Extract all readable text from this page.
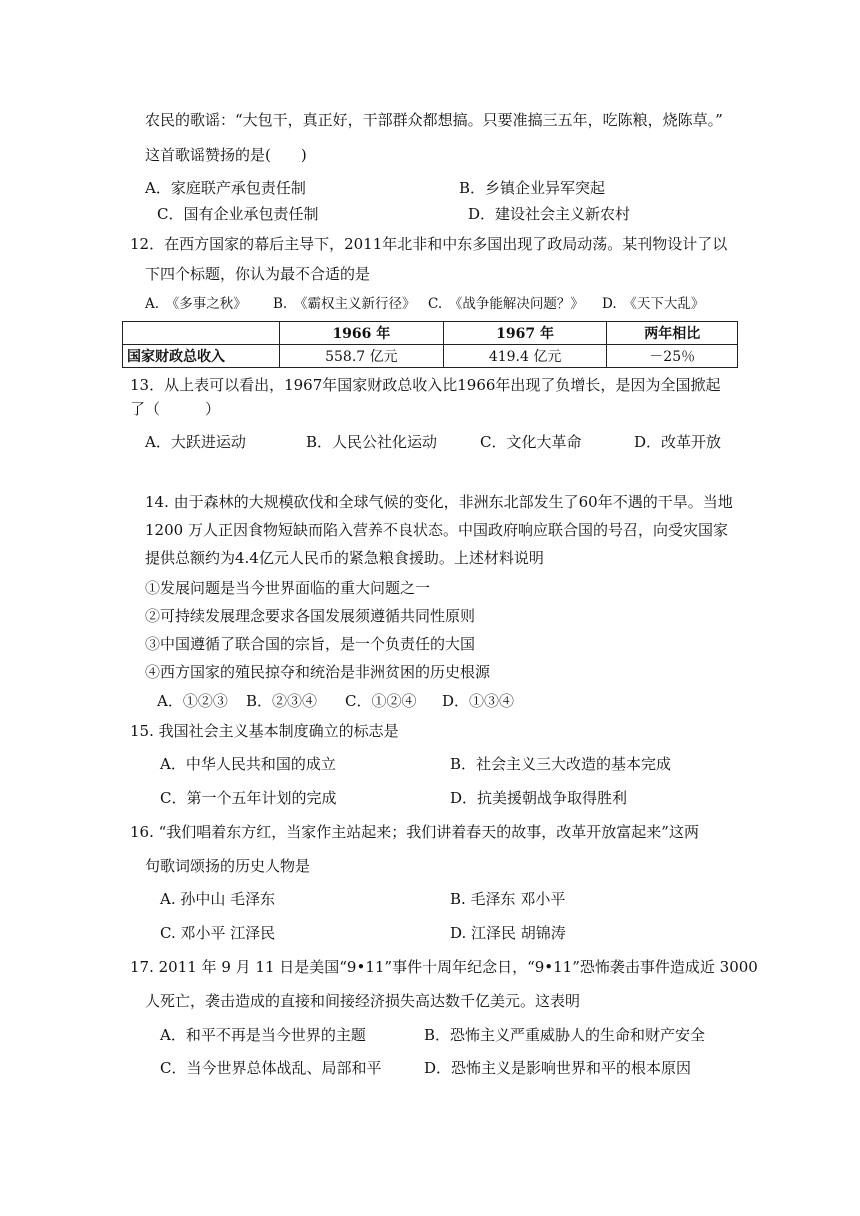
农民的歌谣：“大包干，真正好，干部群众都想搞。只要准搞三五年，吃陈粮，烧陈草。”
这首歌谣赞扬的是(　　)
A．家庭联产承包责任制	B．乡镇企业异军突起
C．国有企业承包责任制	D．建设社会主义新农村
12．在西方国家的幕后主导下，2011年北非和中东多国出现了政局动荡。某刊物设计了以
下四个标题，你认为最不合适的是
A.　《多事之秋》 B.　《霸权主义新行径》 C.　《战争能解决问题？》 D.　《天下大乱》
	1966 年	1967 年	两年相比
国家财政总收入	558.7 亿元	419.4 亿元	－25％
13．从上表可以看出，1967年国家财政总收入比1966年出现了负增长，是因为全国掀起
了（　　　）
A．大跃进运动	B．人民公社化运动	C．文化大革命	D．改革开放
14. 由于森林的大规模砍伐和全球气候的变化，非洲东北部发生了60年不遇的干旱。当地
1200 万人正因食物短缺而陷入营养不良状态。中国政府响应联合国的号召，向受灾国家
提供总额约为4.4亿元人民币的紧急粮食援助。上述材料说明
①发展问题是当今世界面临的重大问题之一
②可持续发展理念要求各国发展须遵循共同性原则
③中国遵循了联合国的宗旨，是一个负责任的大国
④西方国家的殖民掠夺和统治是非洲贫困的历史根源
A．①②③ B．②③④ C．①②④ D．①③④
15. 我国社会主义基本制度确立的标志是
A．中华人民共和国的成立	B．社会主义三大改造的基本完成
C．第一个五年计划的完成	D．抗美援朝战争取得胜利
16. “我们唱着东方红，当家作主站起来；我们讲着春天的故事，改革开放富起来”这两
句歌词颂扬的历史人物是
A. 孙中山 毛泽东	B. 毛泽东 邓小平
C. 邓小平 江泽民	D. 江泽民 胡锦涛
17. 2011 年 9 月 11 日是美国“9•11”事件十周年纪念日，“9•11”恐怖袭击事件造成近 3000
人死亡，袭击造成的直接和间接经济损失高达数千亿美元。这表明
A．和平不再是当今世界的主题	B．恐怖主义严重威胁人的生命和财产安全
C．当今世界总体战乱、局部和平	D．恐怖主义是影响世界和平的根本原因
